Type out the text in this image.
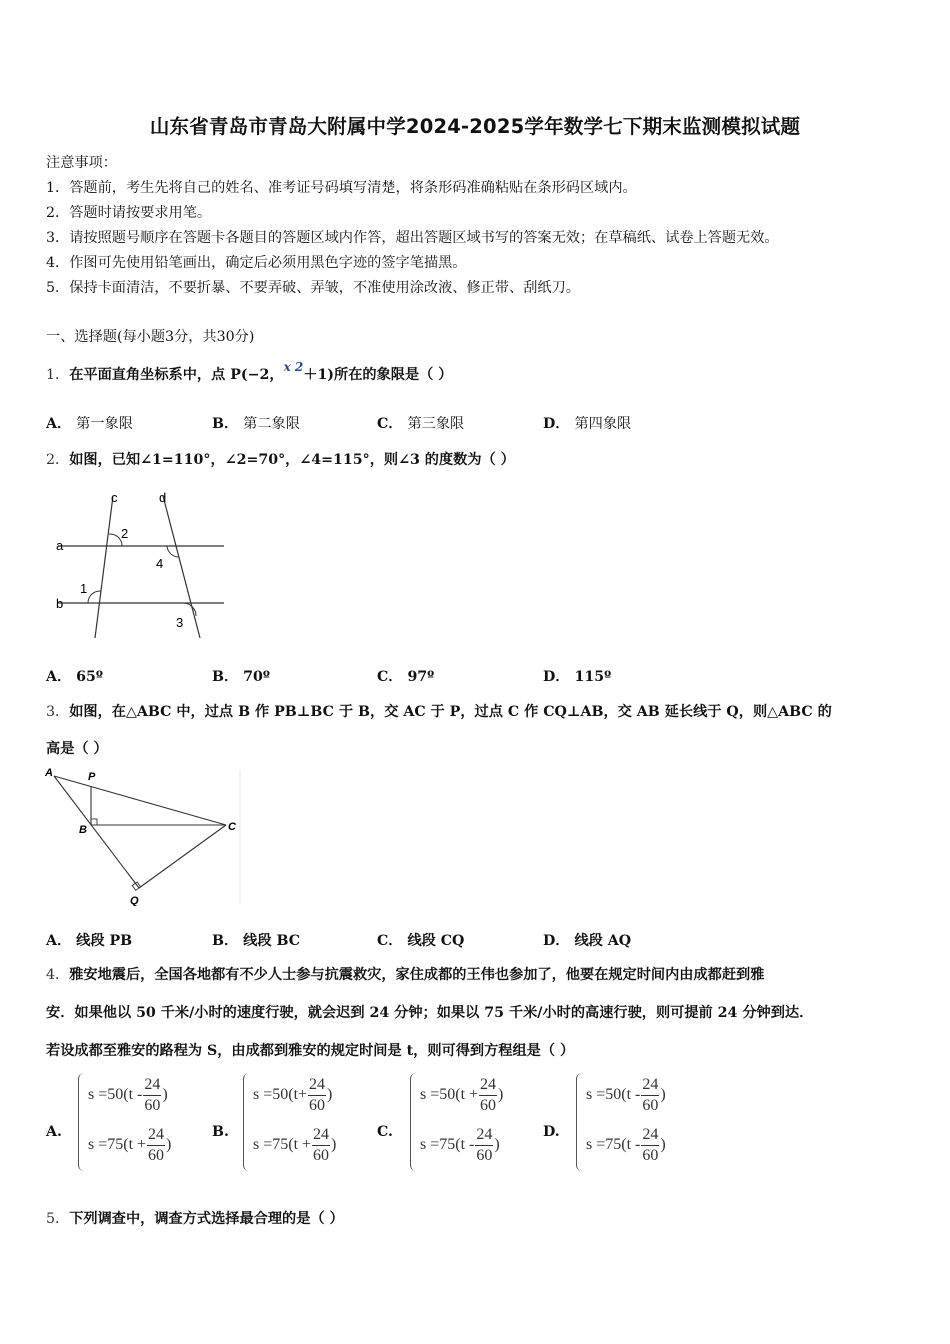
山东省青岛市青岛大附属中学2024-2025学年数学七下期末监测模拟试题
注意事项：
1．答题前，考生先将自己的姓名、准考证号码填写清楚，将条形码准确粘贴在条形码区域内。
2．答题时请按要求用笔。
3．请按照题号顺序在答题卡各题目的答题区域内作答，超出答题区域书写的答案无效；在草稿纸、试卷上答题无效。
4．作图可先使用铅笔画出，确定后必须用黑色字迹的签字笔描黑。
5．保持卡面清洁，不要折暴、不要弄破、弄皱，不准使用涂改液、修正带、刮纸刀。
一、选择题(每小题3分，共30分)
1．在平面直角坐标系中，点 P(−2，$^{x 2}$＋1)所在的象限是（ ）
A． 第一象限	B． 第二象限	C． 第三象限	D． 第四象限
2．如图，已知∠1=110°，∠2=70°，∠4=115°，则∠3 的度数为（ ）
c	d
a
b
2
4
1
3
A． 65º	B． 70º	C． 97º	D． 115º
3．如图，在△ABC 中，过点 B 作 PB⊥BC 于 B，交 AC 于 P，过点 C 作 CQ⊥AB，交 AB 延长线于 Q，则△ABC 的
高是（ ）
A	P
B	C
Q
A． 线段 PB	B． 线段 BC	C． 线段 CQ	D． 线段 AQ
4．雅安地震后，全国各地都有不少人士参与抗震救灾，家住成都的王伟也参加了，他要在规定时间内由成都赶到雅
安．如果他以 50 千米/小时的速度行驶，就会迟到 24 分钟；如果以 75 千米/小时的高速行驶，则可提前 24 分钟到达．
若设成都至雅安的路程为 S，由成都到雅安的规定时间是 t，则可得到方程组是（ ）
A.
$s =50(t - \frac{24}{60}$ )
$s =75(t + \frac{24}{60}$ )
B.
$s =50(t+ \frac{24}{60}$ )
$s =75(t + \frac{24}{60}$ )
C.
$s =50(t + \frac{24}{60}$ )
$s =75(t - \frac{24}{60}$ )
D.
$s =50(t - \frac{24}{60}$ )
$s =75(t - \frac{24}{60}$ )
5．下列调查中，调查方式选择最合理的是（ ）
